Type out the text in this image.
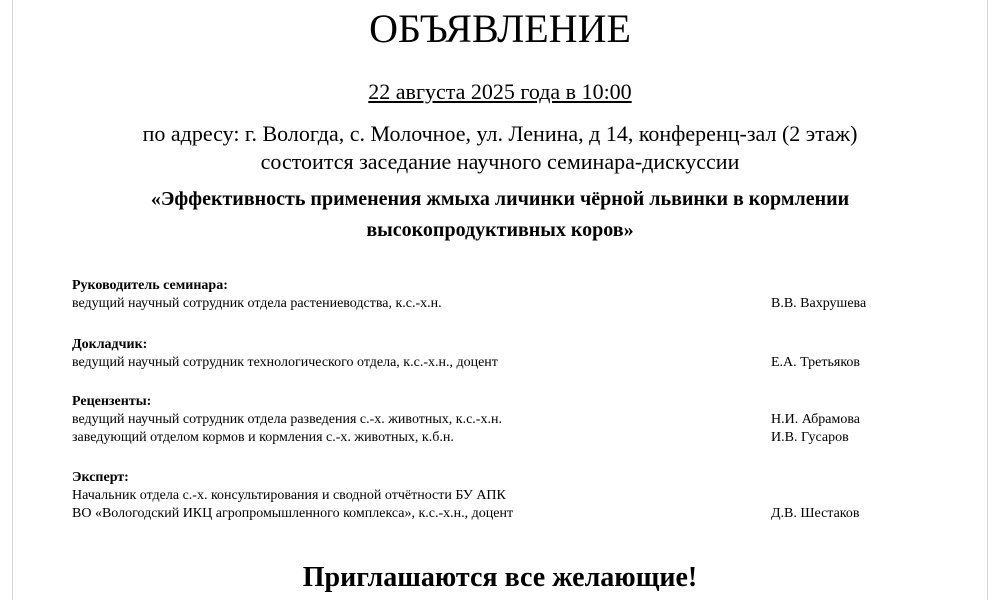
ОБЪЯВЛЕНИЕ
22 августа 2025 года в 10:00
по адресу: г. Вологда, с. Молочное, ул. Ленина, д 14, конференц-зал (2 этаж)
состоится заседание научного семинара-дискуссии
«Эффективность применения жмыха личинки чёрной львинки в кормлении
высокопродуктивных коров»
Руководитель семинара:
ведущий научный сотрудник отдела растениеводства, к.с.-х.н.	В.В. Вахрушева
Докладчик:
ведущий научный сотрудник технологического отдела, к.с.-х.н., доцент	Е.А. Третьяков
Рецензенты:
ведущий научный сотрудник отдела разведения с.-х. животных, к.с.-х.н.	Н.И. Абрамова
заведующий отделом кормов и кормления с.-х. животных, к.б.н.	И.В. Гусаров
Эксперт:
Начальник отдела с.-х. консультирования и сводной отчётности БУ АПК
ВО «Вологодский ИКЦ агропромышленного комплекса», к.с.-х.н., доцент	Д.В. Шестаков
Приглашаются все желающие!
